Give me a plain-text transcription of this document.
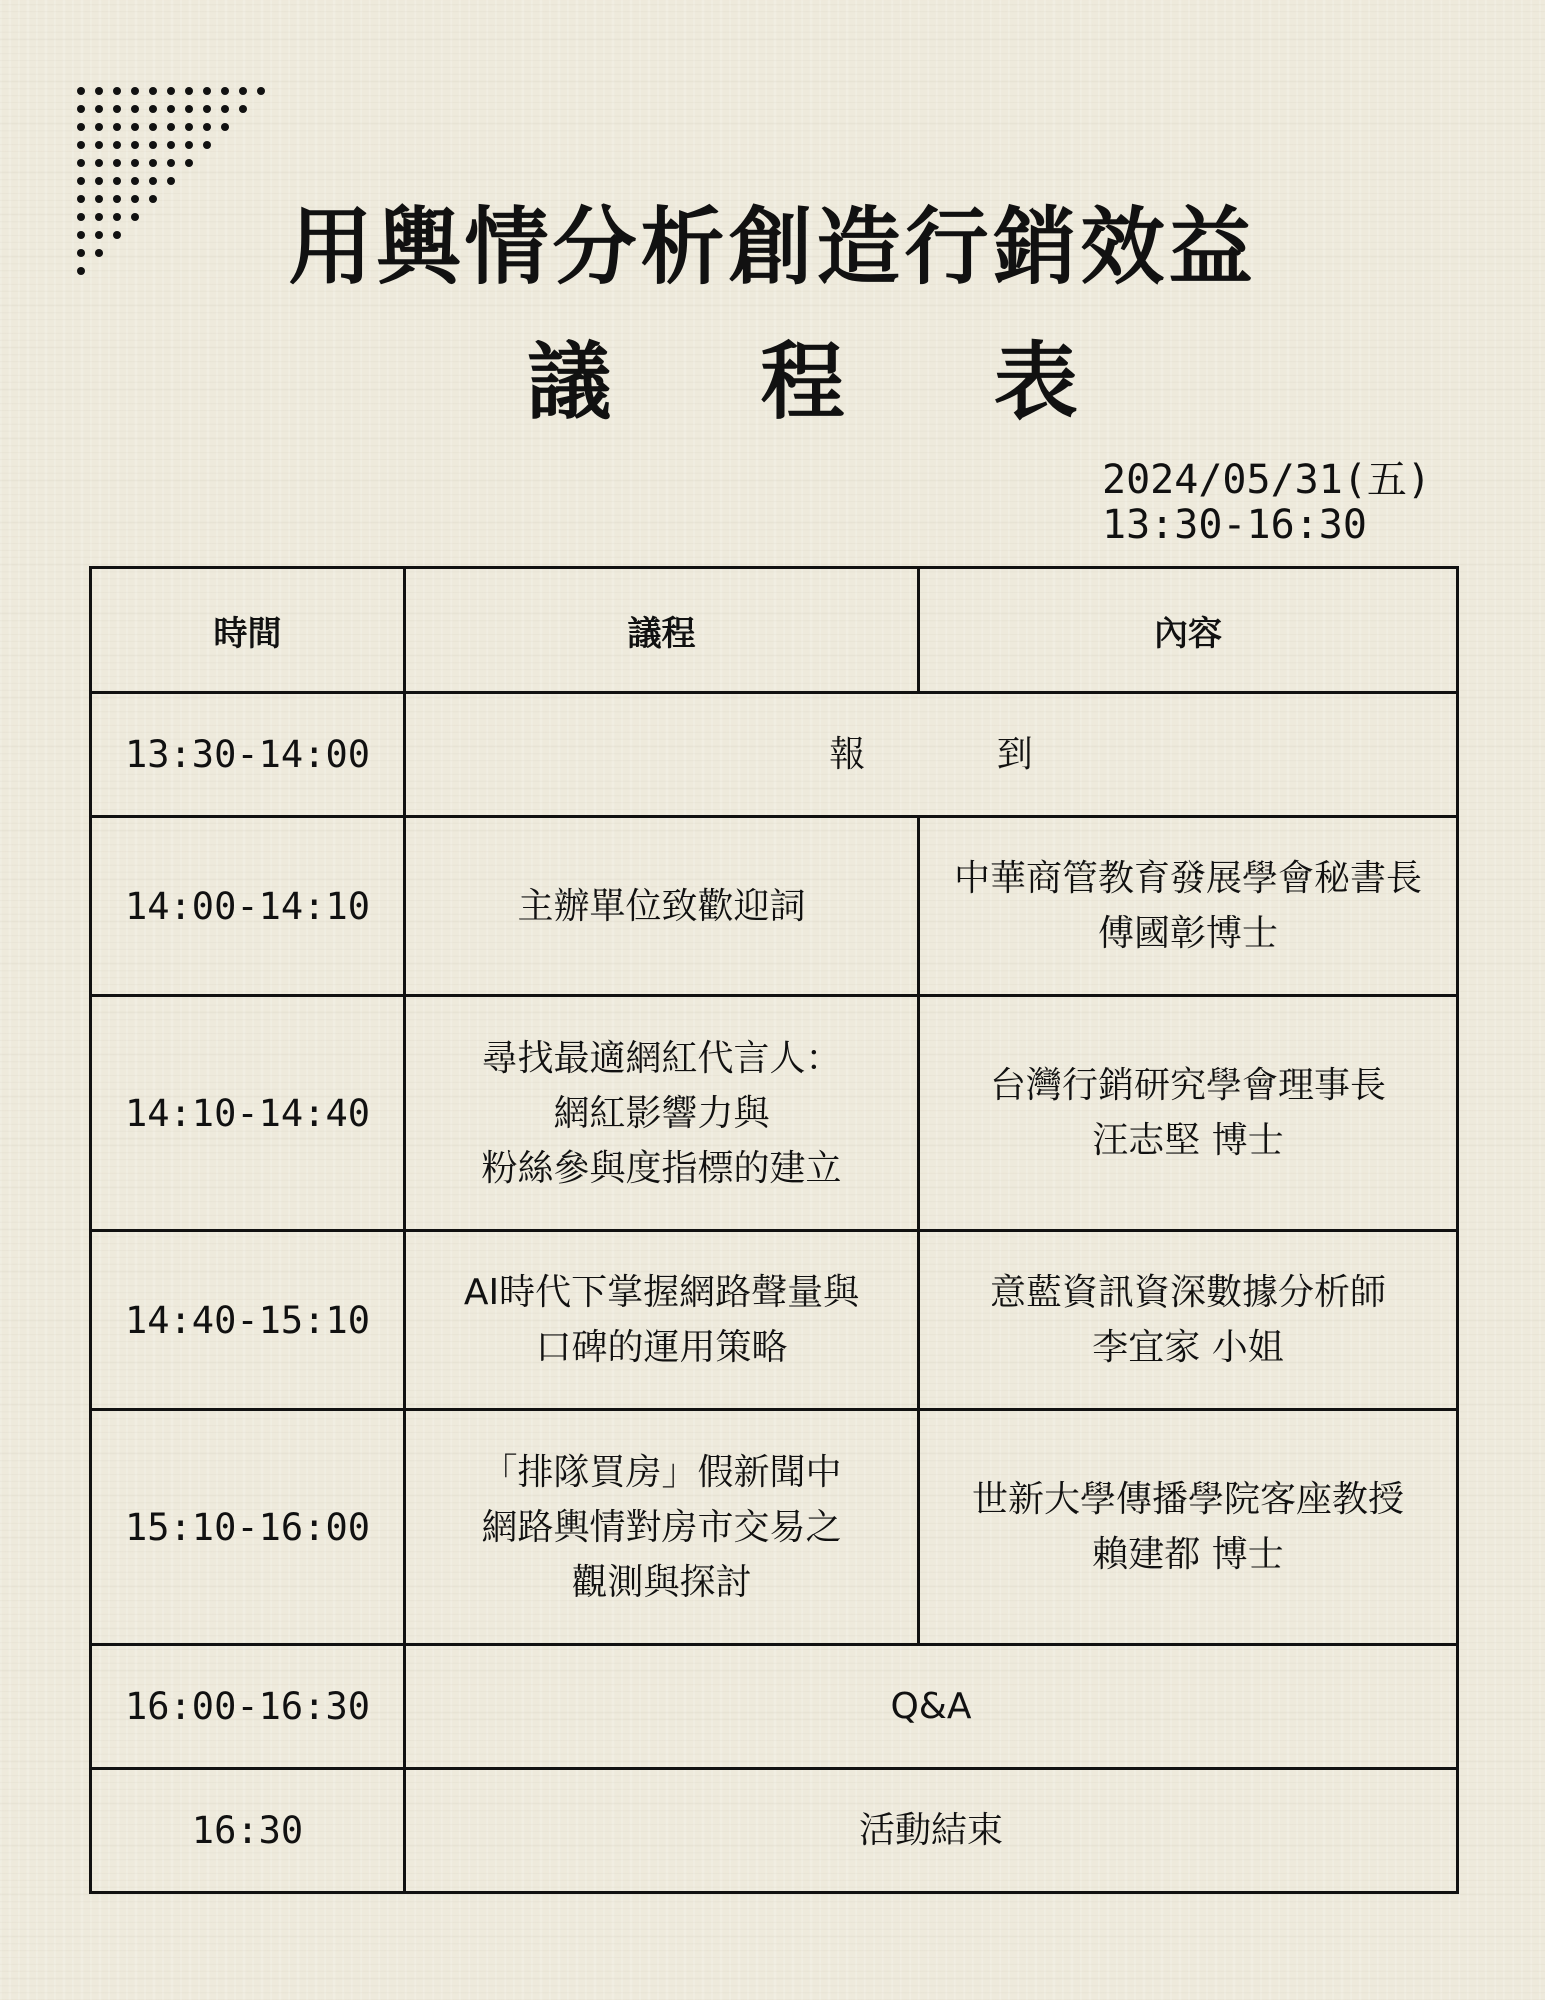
用輿情分析創造行銷效益
議 程 表
2024/05/31(五)
13:30-16:30
時間	議程	內容
13:30-14:00	報 到	
14:00-14:10	主辦單位致歡迎詞	中華商管教育發展學會秘書長
傅國彰博士

14:10-14:40	尋找最適網紅代言人：
網紅影響力與
粉絲參與度指標的建立	台灣行銷研究學會理事長
汪志堅 博士

14:40-15:10	AI時代下掌握網路聲量與
口碑的運用策略	意藍資訊資深數據分析師
李宜家 小姐

15:10-16:00	「排隊買房」假新聞中
網路輿情對房市交易之
觀測與探討	世新大學傳播學院客座教授
賴建都 博士

16:00-16:30	Q&A	
16:30	活動結束	
